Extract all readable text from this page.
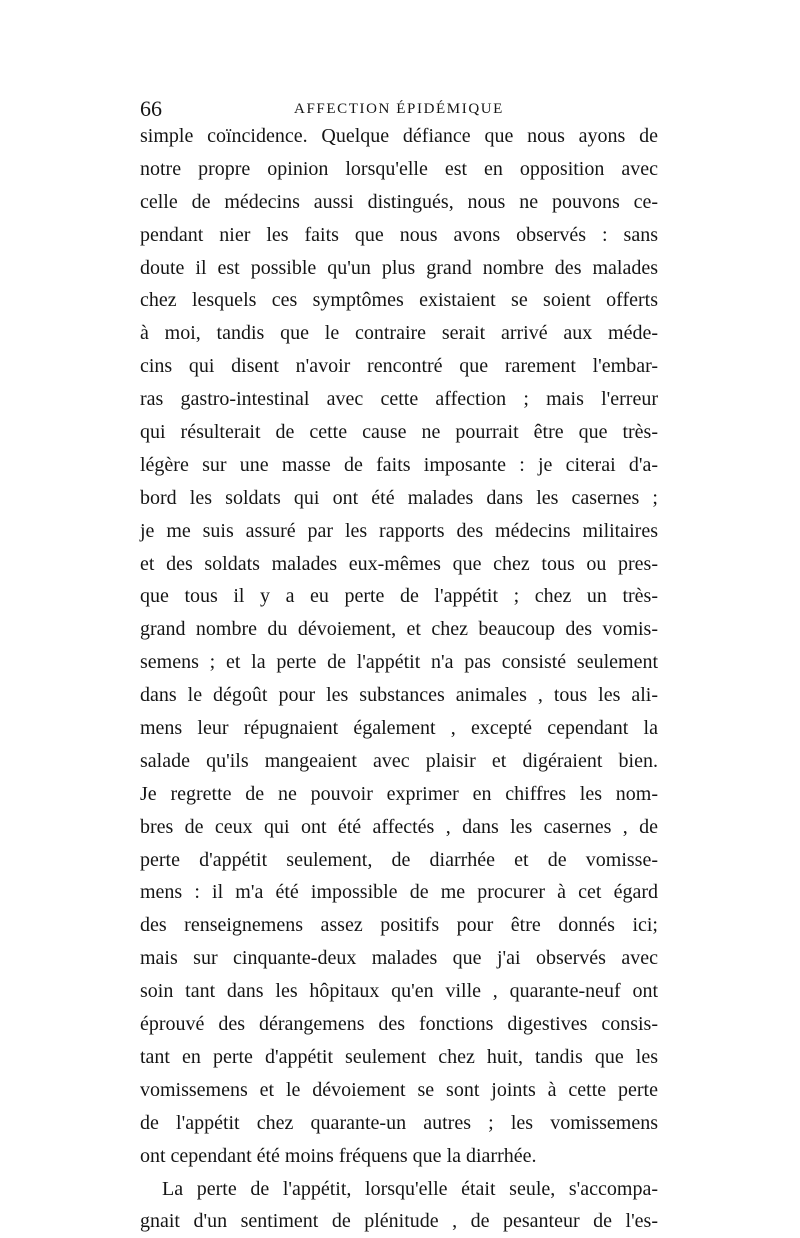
66	AFFECTION ÉPIDÉMIQUE
simple coïncidence. Quelque défiance que nous ayons de
notre propre opinion lorsqu'elle est en opposition avec
celle de médecins aussi distingués, nous ne pouvons ce-
pendant nier les faits que nous avons observés : sans
doute il est possible qu'un plus grand nombre des malades
chez lesquels ces symptômes existaient se soient offerts
à moi, tandis que le contraire serait arrivé aux méde-
cins qui disent n'avoir rencontré que rarement l'embar-
ras gastro-intestinal avec cette affection ; mais l'erreur
qui résulterait de cette cause ne pourrait être que très-
légère sur une masse de faits imposante : je citerai d'a-
bord les soldats qui ont été malades dans les casernes ;
je me suis assuré par les rapports des médecins militaires
et des soldats malades eux-mêmes que chez tous ou pres-
que tous il y a eu perte de l'appétit ; chez un très-
grand nombre du dévoiement, et chez beaucoup des vomis-
semens ; et la perte de l'appétit n'a pas consisté seulement
dans le dégoût pour les substances animales , tous les ali-
mens leur répugnaient également , excepté cependant la
salade qu'ils mangeaient avec plaisir et digéraient bien.
Je regrette de ne pouvoir exprimer en chiffres les nom-
bres de ceux qui ont été affectés , dans les casernes , de
perte d'appétit seulement, de diarrhée et de vomisse-
mens : il m'a été impossible de me procurer à cet égard
des renseignemens assez positifs pour être donnés ici;
mais sur cinquante-deux malades que j'ai observés avec
soin tant dans les hôpitaux qu'en ville , quarante-neuf ont
éprouvé des dérangemens des fonctions digestives consis-
tant en perte d'appétit seulement chez huit, tandis que les
vomissemens et le dévoiement se sont joints à cette perte
de l'appétit chez quarante-un autres ; les vomissemens
ont cependant été moins fréquens que la diarrhée.
La perte de l'appétit, lorsqu'elle était seule, s'accompa-
gnait d'un sentiment de plénitude , de pesanteur de l'es-
